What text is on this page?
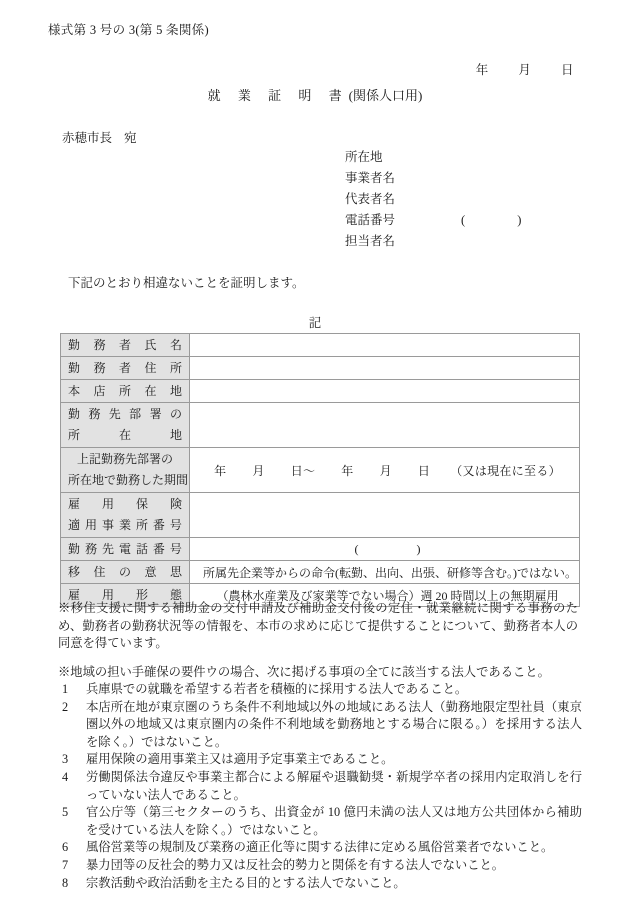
様式第 3 号の 3(第 5 条関係)
年 月 日
就 業 証 明 書(関係人口用)
赤穂市長 宛
所在地
事業者名
代表者名
電話番号	(	)
担当者名
下記のとおり相違ないことを証明します。
記
勤 務 者 氏 名	

勤 務 者 住 所	

本 店 所 在 地	

勤 務 先 部 署 の
所	在	地

上記勤務先部署の
所在地で勤務した期間	年 月 日〜 年 月 日 （又は現在に至る）

雇 用 保 険
適 用 事 業 所 番 号

勤 務 先 電 話 番 号	(	)

移 住 の 意 思	所属先企業等からの命令(転勤、出向、出張、研修等含む。)ではない。

雇 用 形 態	（農林水産業及び家業等でない場合）週 20 時間以上の無期雇用
※移住支援に関する補助金の交付申請及び補助金交付後の定住・就業継続に関する事務のため、勤務者の勤務状況等の情報を、本市の求めに応じて提供することについて、勤務者本人の同意を得ています。
※地域の担い手確保の要件ウの場合、次に掲げる事項の全てに該当する法人であること。
1 兵庫県での就職を希望する若者を積極的に採用する法人であること。
2 本店所在地が東京圏のうち条件不利地域以外の地域にある法人（勤務地限定型社員（東京圏以外の地域又は東京圏内の条件不利地域を勤務地とする場合に限る。）を採用する法人を除く。）ではないこと。
3 雇用保険の適用事業主又は適用予定事業主であること。
4 労働関係法令違反や事業主都合による解雇や退職勧奨・新規学卒者の採用内定取消しを行っていない法人であること。
5 官公庁等（第三セクターのうち、出資金が 10 億円未満の法人又は地方公共団体から補助を受けている法人を除く。）ではないこと。
6 風俗営業等の規制及び業務の適正化等に関する法律に定める風俗営業者でないこと。
7 暴力団等の反社会的勢力又は反社会的勢力と関係を有する法人でないこと。
8 宗教活動や政治活動を主たる目的とする法人でないこと。
